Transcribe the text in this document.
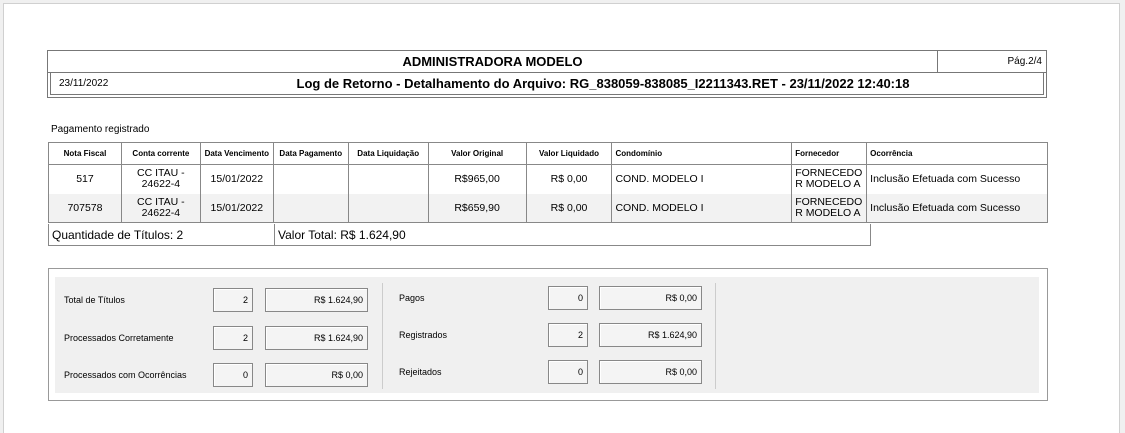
ADMINISTRADORA MODELO	Pág.2/4
Log de Retorno - Detalhamento do Arquivo: RG_838059-838085_I2211343.RET - 23/11/2022 12:40:18
23/11/2022
Pagamento registrado
Nota Fiscal	Conta corrente	Data Vencimento	Data Pagamento	Data Liquidação	Valor Original	Valor Liquidado	Condomínio	Fornecedor	Ocorrência
517	CC ITAU -
24622-4	15/01/2022			R$965,00	R$ 0,00	COND. MODELO I	FORNECEDO
R MODELO A	Inclusão Efetuada com Sucesso
707578	CC ITAU -
24622-4	15/01/2022			R$659,90	R$ 0,00	COND. MODELO I	FORNECEDO
R MODELO A	Inclusão Efetuada com Sucesso
Quantidade de Títulos: 2	Valor Total: R$ 1.624,90
Total de Títulos	2	R$ 1.624,90
Processados Corretamente	2	R$ 1.624,90
Processados com Ocorrências	0	R$ 0,00
Pagos	0	R$ 0,00
Registrados	2	R$ 1.624,90
Rejeitados	0	R$ 0,00
